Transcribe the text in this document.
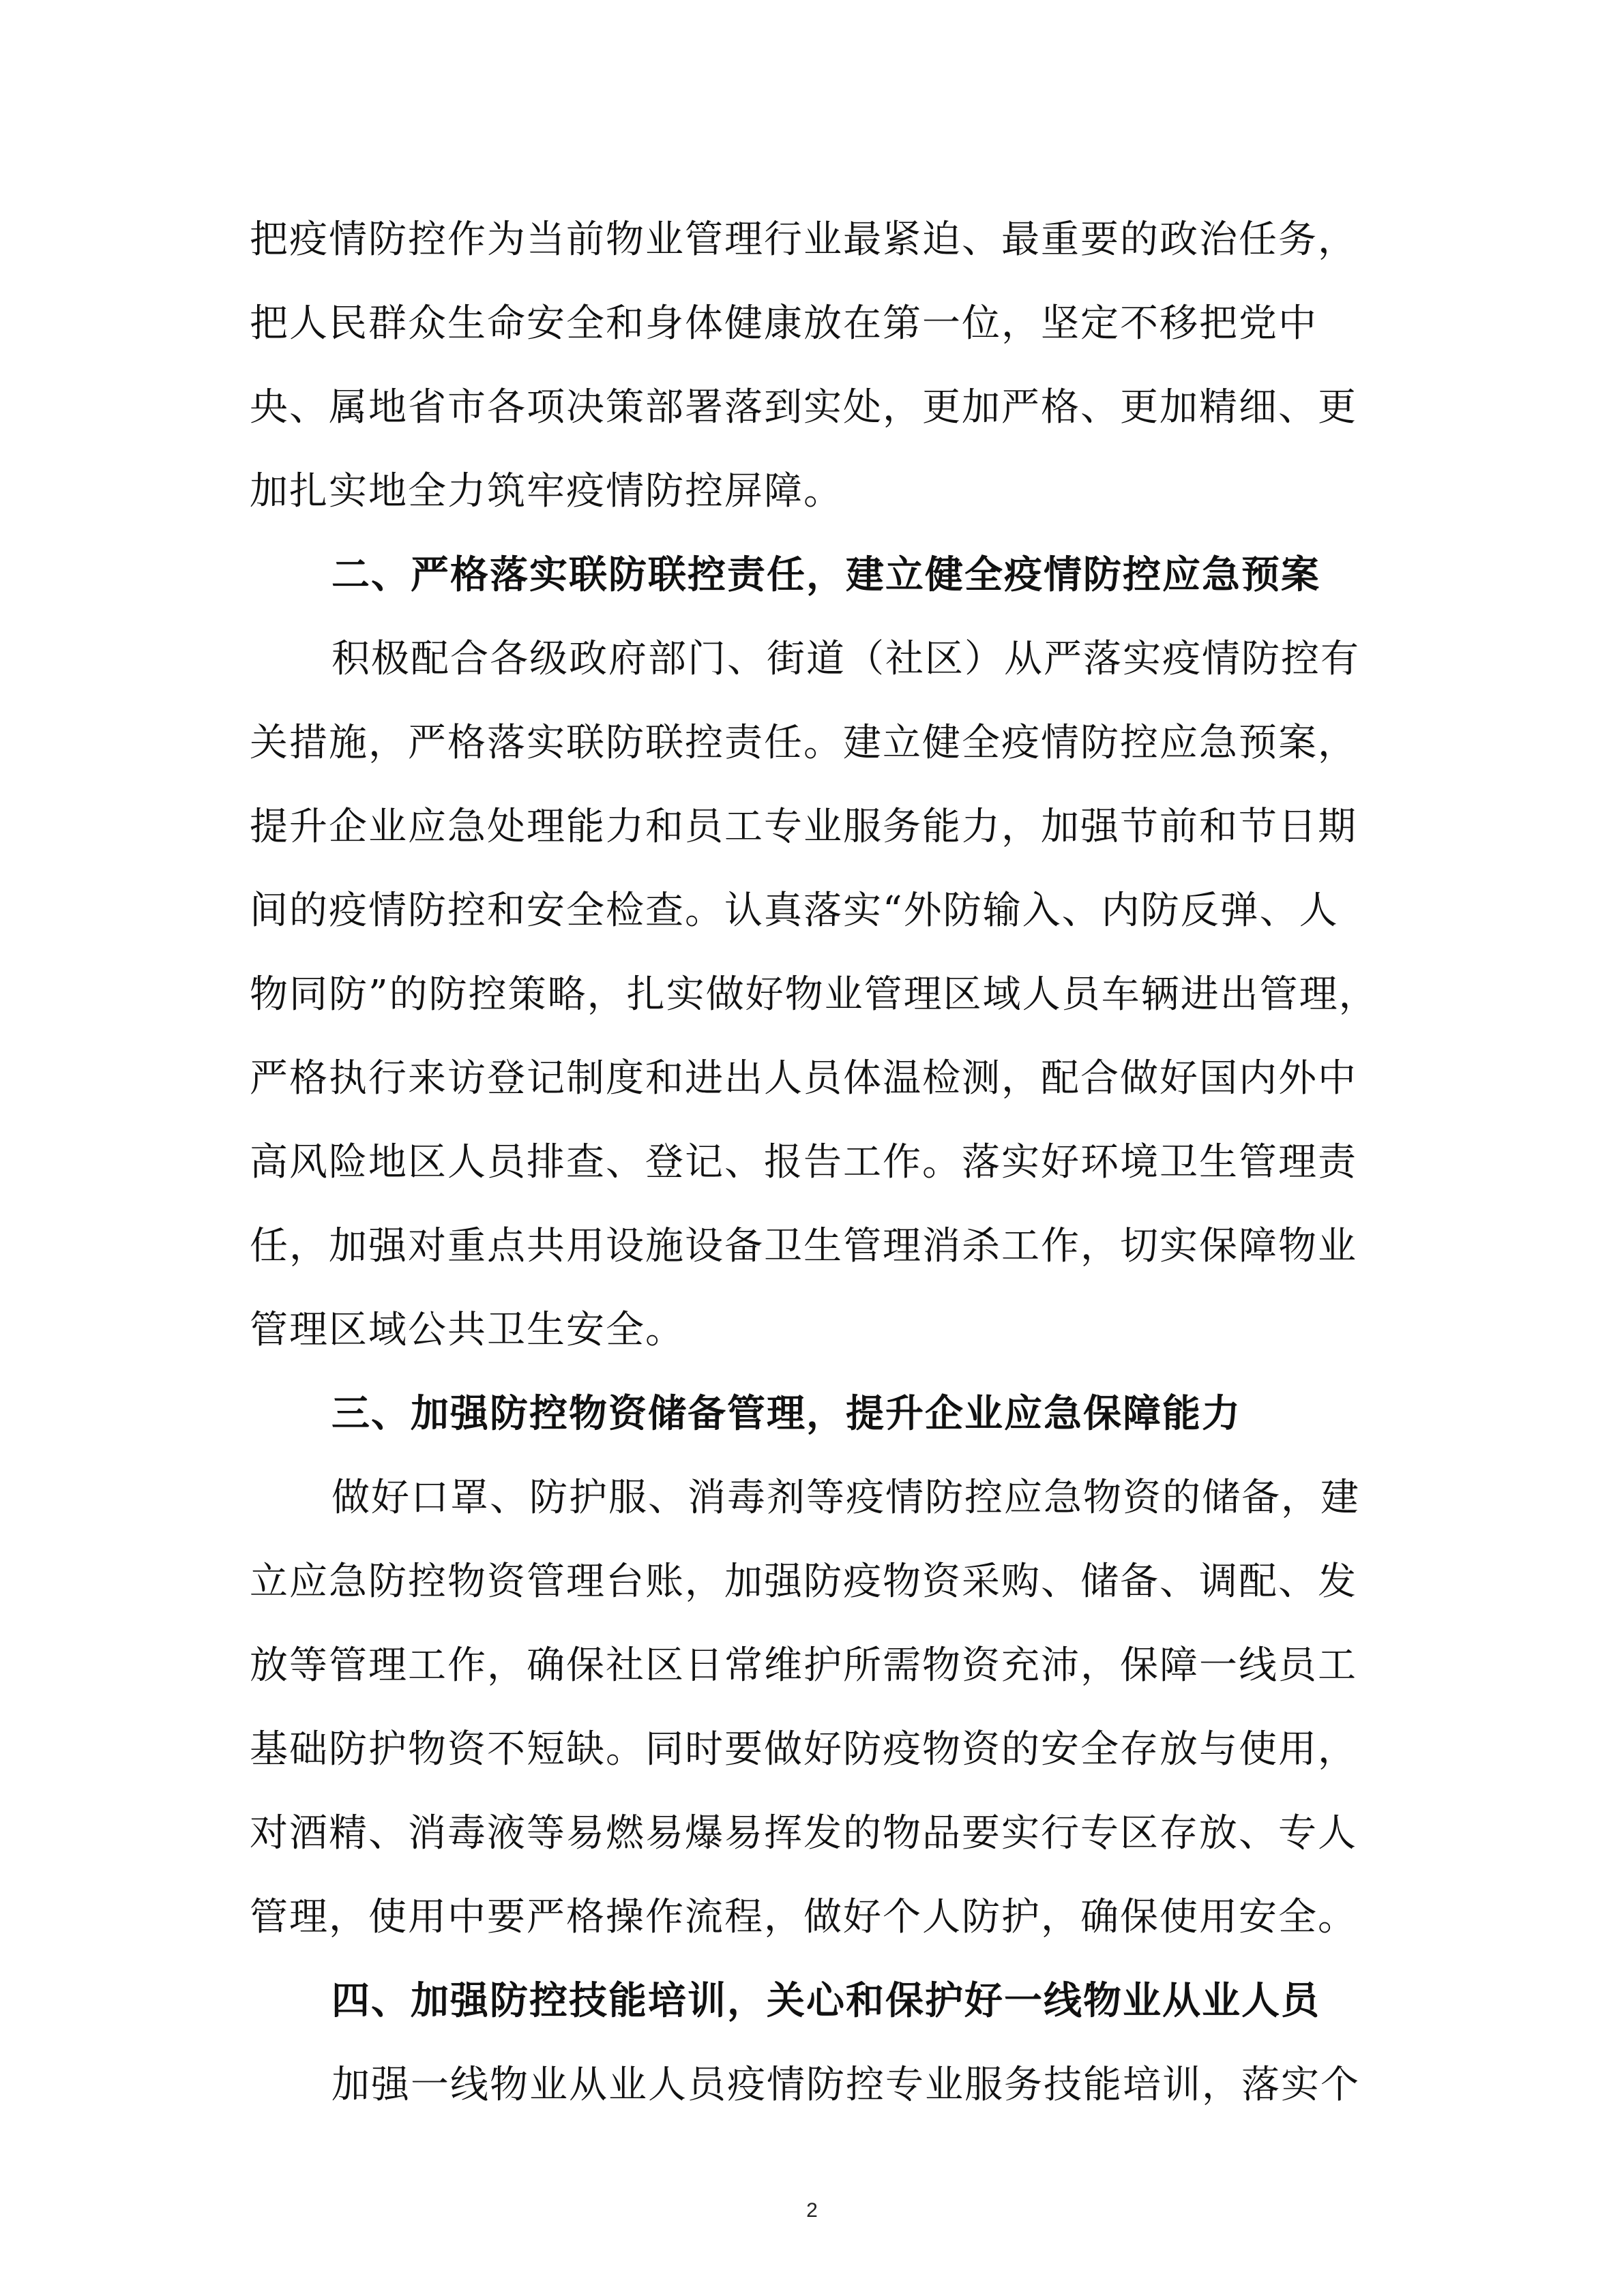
把疫情防控作为当前物业管理行业最紧迫、最重要的政治任务，
把人民群众生命安全和身体健康放在第一位，坚定不移把党中
央、属地省市各项决策部署落到实处，更加严格、更加精细、更
加扎实地全力筑牢疫情防控屏障。
二、严格落实联防联控责任，建立健全疫情防控应急预案
积极配合各级政府部门、街道（社区）从严落实疫情防控有
关措施，严格落实联防联控责任。建立健全疫情防控应急预案，
提升企业应急处理能力和员工专业服务能力，加强节前和节日期
间的疫情防控和安全检查。认真落实“外防输入、内防反弹、人
物同防”的防控策略，扎实做好物业管理区域人员车辆进出管理，
严格执行来访登记制度和进出人员体温检测，配合做好国内外中
高风险地区人员排查、登记、报告工作。落实好环境卫生管理责
任，加强对重点共用设施设备卫生管理消杀工作，切实保障物业
管理区域公共卫生安全。
三、加强防控物资储备管理，提升企业应急保障能力
做好口罩、防护服、消毒剂等疫情防控应急物资的储备，建
立应急防控物资管理台账，加强防疫物资采购、储备、调配、发
放等管理工作，确保社区日常维护所需物资充沛，保障一线员工
基础防护物资不短缺。同时要做好防疫物资的安全存放与使用，
对酒精、消毒液等易燃易爆易挥发的物品要实行专区存放、专人
管理，使用中要严格操作流程，做好个人防护，确保使用安全。
四、加强防控技能培训，关心和保护好一线物业从业人员
加强一线物业从业人员疫情防控专业服务技能培训，落实个
2
